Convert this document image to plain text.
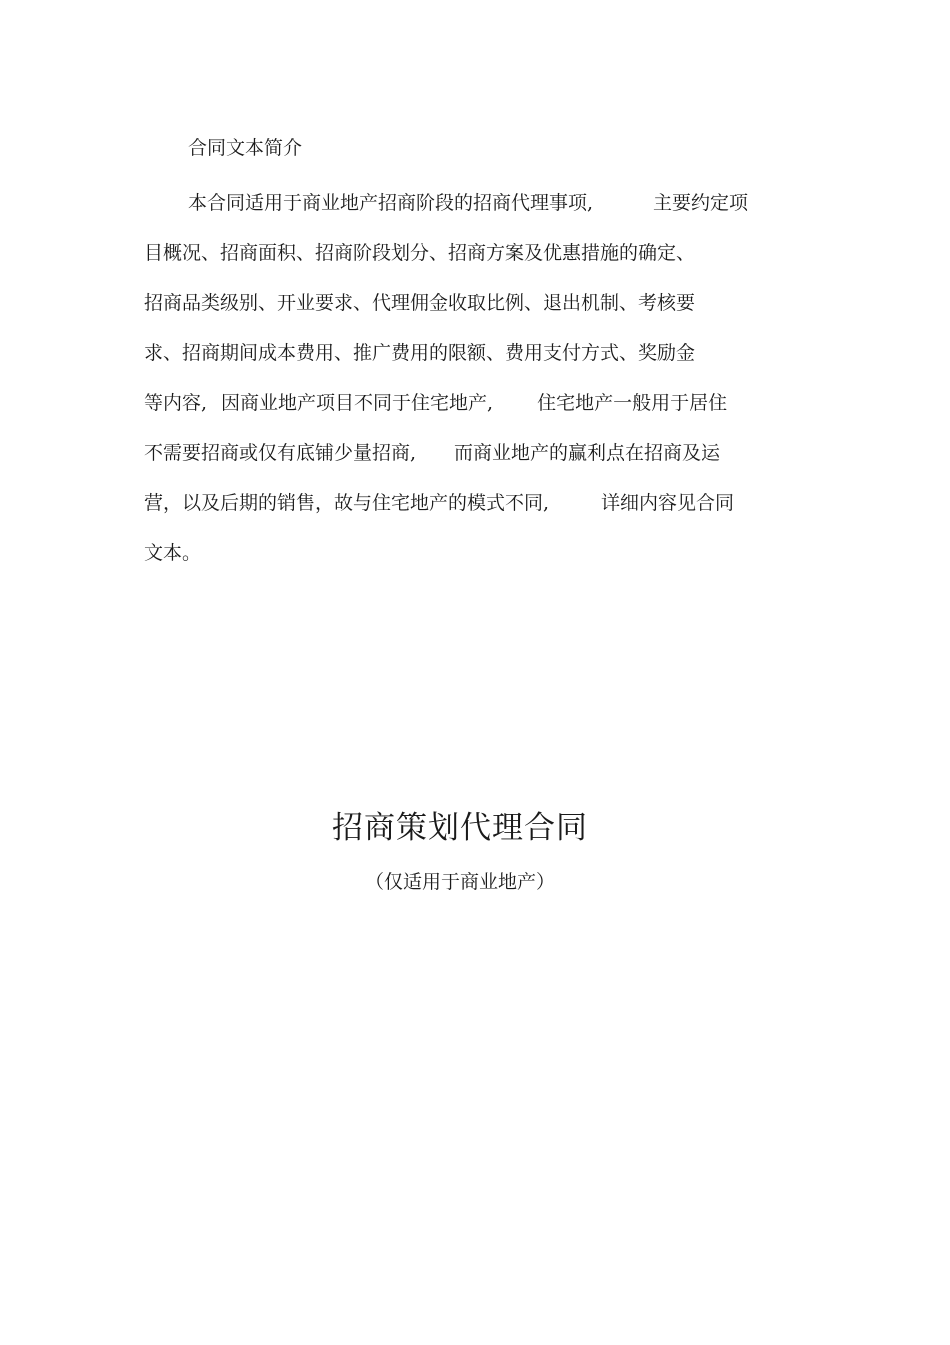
合同文本简介
本合同适用于商业地产招商阶段的招商代理事项,	主要约定项
目概况、招商面积、招商阶段划分、招商方案及优惠措施的确定、
招商品类级别、开业要求、代理佣金收取比例、退出机制、考核要
求、招商期间成本费用、推广费用的限额、费用支付方式、奖励金
等内容, 因商业地产项目不同于住宅地产, 住宅地产一般用于居住
不需要招商或仅有底铺少量招商, 而商业地产的赢利点在招商及运
营，以及后期的销售，故与住宅地产的模式不同,	详细内容见合同
文本。
招商策划代理合同
（仅适用于商业地产）
